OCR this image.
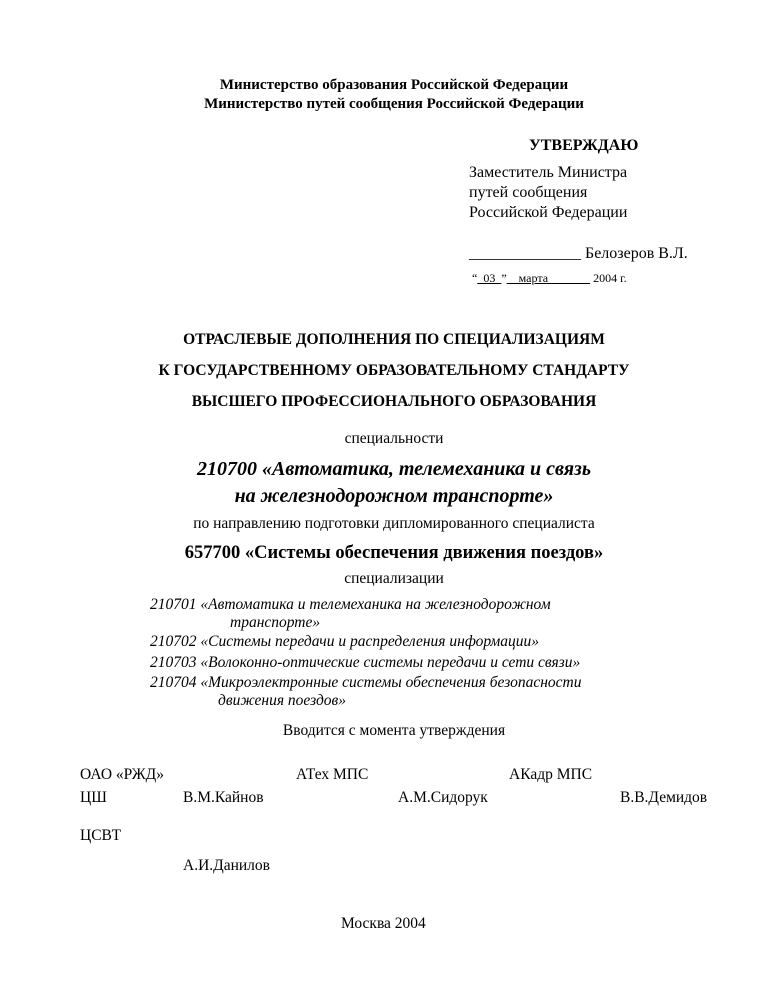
Министерство образования Российской Федерации
Министерство путей сообщения Российской Федерации
УТВЕРЖДАЮ
Заместитель Министра
путей сообщения
Российской Федерации
______________ Белозеров В.Л.
“_03_”__марта_______ 2004 г.
ОТРАСЛЕВЫЕ ДОПОЛНЕНИЯ ПО СПЕЦИАЛИЗАЦИЯМ
К ГОСУДАРСТВЕННОМУ ОБРАЗОВАТЕЛЬНОМУ СТАНДАРТУ
ВЫСШЕГО ПРОФЕССИОНАЛЬНОГО ОБРАЗОВАНИЯ
специальности
210700 «Автоматика, телемеханика и связь
на железнодорожном транспорте»
по направлению подготовки дипломированного специалиста
657700 «Системы обеспечения движения поездов»
специализации
210701 «Автоматика и телемеханика на железнодорожном
транспорте»
210702 «Системы передачи и распределения информации»
210703 «Волоконно-оптические системы передачи и сети связи»
210704 «Микроэлектронные системы обеспечения безопасности
движения поездов»
Вводится с момента утверждения
ОАО «РЖД»	АТех МПС	АКадр МПС
ЦШ	В.М.Кайнов	А.М.Сидорук	В.В.Демидов
ЦСВТ
А.И.Данилов
Москва 2004
